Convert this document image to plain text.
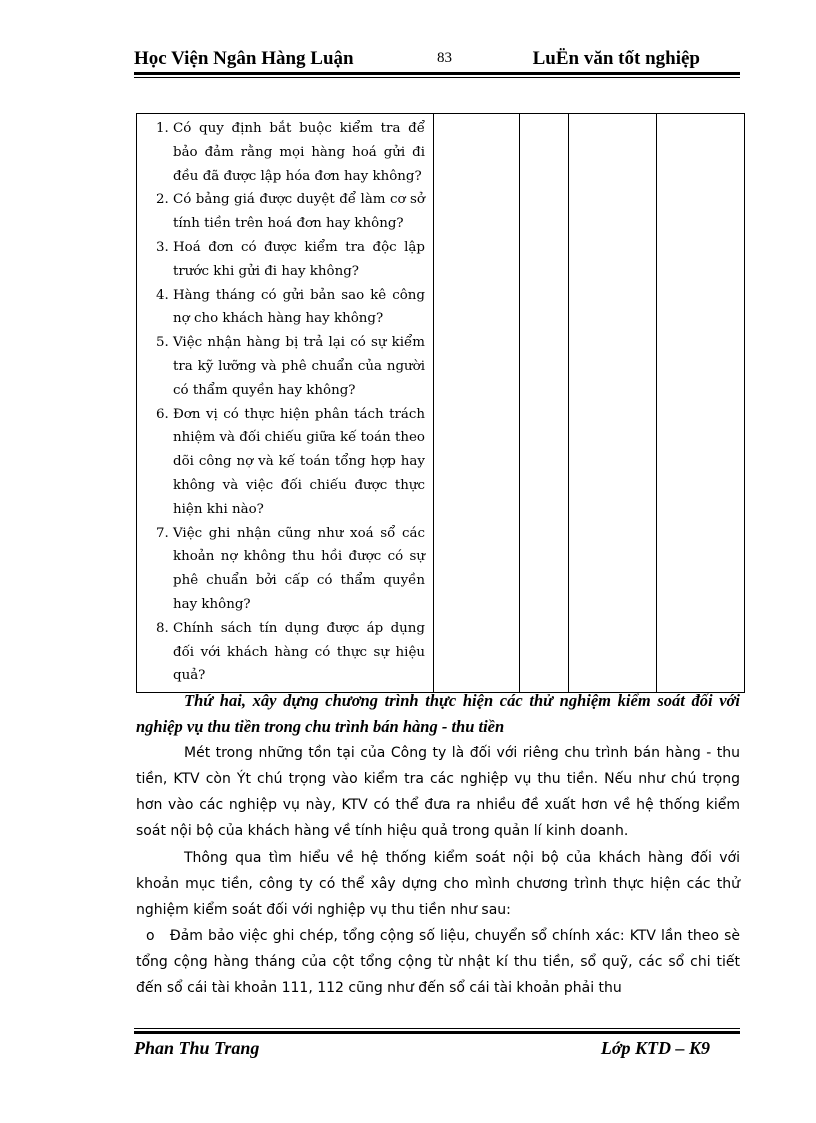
Học Viện Ngân Hàng Luận	83	LuËn văn tốt nghiệp
1. Có quy định bắt buộc kiểm tra để bảo đảm rằng mọi hàng hoá gửi đi đều đã được lập hóa đơn hay không?
2. Có bảng giá được duyệt để làm cơ sở tính tiền trên hoá đơn hay không?
3. Hoá đơn có được kiểm tra độc lập trước khi gửi đi hay không?
4. Hàng tháng có gửi bản sao kê công nợ cho khách hàng hay không?
5. Việc nhận hàng bị trả lại có sự kiểm tra kỹ lưỡng và phê chuẩn của người có thẩm quyền hay không?
6. Đơn vị có thực hiện phân tách trách nhiệm và đối chiếu giữa kế toán theo dõi công nợ và kế toán tổng hợp hay không và việc đối chiếu được thực hiện khi nào?
7. Việc ghi nhận cũng như xoá sổ các khoản nợ không thu hồi được có sự phê chuẩn bởi cấp có thẩm quyền hay không?
8. Chính sách tín dụng được áp dụng đối với khách hàng có thực sự hiệu quả?

Thứ hai, xây dựng chương trình thực hiện các thử nghiệm kiểm soát đối với nghiệp vụ thu tiền trong chu trình bán hàng - thu tiền
Mét trong những tồn tại của Công ty là đối với riêng chu trình bán hàng - thu tiền, KTV còn Ýt chú trọng vào kiểm tra các nghiệp vụ thu tiền. Nếu như chú trọng hơn vào các nghiệp vụ này, KTV có thể đưa ra nhiều đề xuất hơn về hệ thống kiểm soát nội bộ của khách hàng về tính hiệu quả trong quản lí kinh doanh.
Thông qua tìm hiểu về hệ thống kiểm soát nội bộ của khách hàng đối với khoản mục tiền, công ty có thể xây dựng cho mình chương trình thực hiện các thử nghiệm kiểm soát đối với nghiệp vụ thu tiền như sau:
o Đảm bảo việc ghi chép, tổng cộng số liệu, chuyển sổ chính xác: KTV lần theo sè tổng cộng hàng tháng của cột tổng cộng từ nhật kí thu tiền, sổ quỹ, các sổ chi tiết đến sổ cái tài khoản 111, 112 cũng như đến sổ cái tài khoản phải thu
Phan Thu Trang	Lớp KTD – K9
